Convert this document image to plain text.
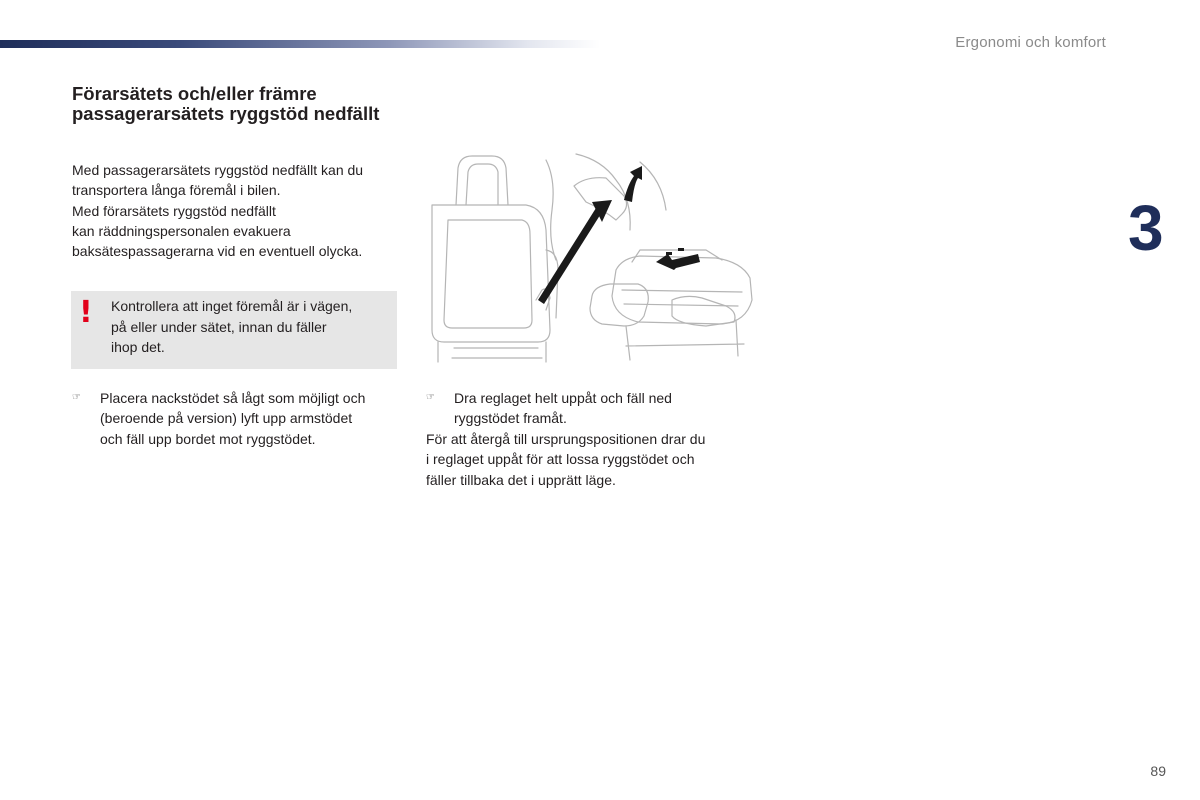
Ergonomi och komfort
3
Förarsätets och/eller främre passagerarsätets ryggstöd nedfällt

Med passagerarsätets ryggstöd nedfällt kan du

transportera långa föremål i bilen.

Med förarsätets ryggstöd nedfällt

kan räddningspersonalen evakuera

baksätespassagerarna vid en eventuell olycka.

! Kontrollera att inget föremål är i vägen,
på eller under sätet, innan du fäller
ihop det.
☞ Placera nackstödet så lågt som möjligt och
(beroende på version) lyft upp armstödet
och fäll upp bordet mot ryggstödet.
☞ Dra reglaget helt uppåt och fäll ned
ryggstödet framåt.
För att återgå till ursprungspositionen drar du
i reglaget uppåt för att lossa ryggstödet och
fäller tillbaka det i upprätt läge.
89
